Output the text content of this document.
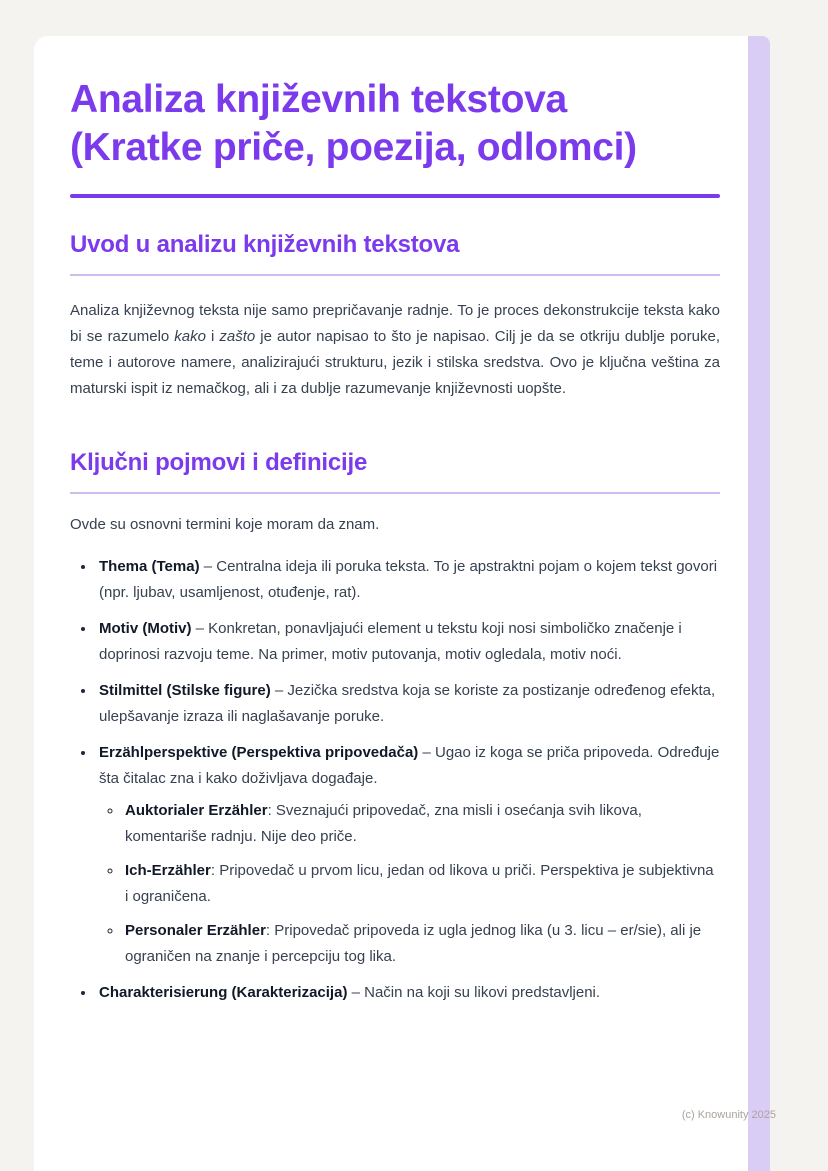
Analiza književnih tekstova (Kratke priče, poezija, odlomci)
Uvod u analizu književnih tekstova

Analiza književnog teksta nije samo prepričavanje radnje. To je proces dekonstrukcije teksta kako bi se razumelo kako i zašto je autor napisao to što je napisao. Cilj je da se otkriju dublje poruke, teme i autorove namere, analizirajući strukturu, jezik i stilska sredstva. Ovo je ključna veština za maturski ispit iz nemačkog, ali i za dublje razumevanje književnosti uopšte.

Ključni pojmovi i definicije

Ovde su osnovni termini koje moram da znam.

• Thema (Tema) – Centralna ideja ili poruka teksta. To je apstraktni pojam o kojem tekst govori (npr. ljubav, usamljenost, otuđenje, rat).
• Motiv (Motiv) – Konkretan, ponavljajući element u tekstu koji nosi simboličko značenje i doprinosi razvoju teme. Na primer, motiv putovanja, motiv ogledala, motiv noći.
• Stilmittel (Stilske figure) – Jezička sredstva koja se koriste za postizanje određenog efekta, ulepšavanje izraza ili naglašavanje poruke.
• Erzählperspektive (Perspektiva pripovedača) – Ugao iz koga se priča pripoveda. Određuje šta čitalac zna i kako doživljava događaje.
◦ Auktorialer Erzähler: Sveznajući pripovedač, zna misli i osećanja svih likova, komentariše radnju. Nije deo priče.
◦ Ich-Erzähler: Pripovedač u prvom licu, jedan od likova u priči. Perspektiva je subjektivna i ograničena.
◦ Personaler Erzähler: Pripovedač pripoveda iz ugla jednog lika (u 3. licu – er/sie), ali je ograničen na znanje i percepciju tog lika.
• Charakterisierung (Karakterizacija) – Način na koji su likovi predstavljeni.
(c) Knowunity 2025
